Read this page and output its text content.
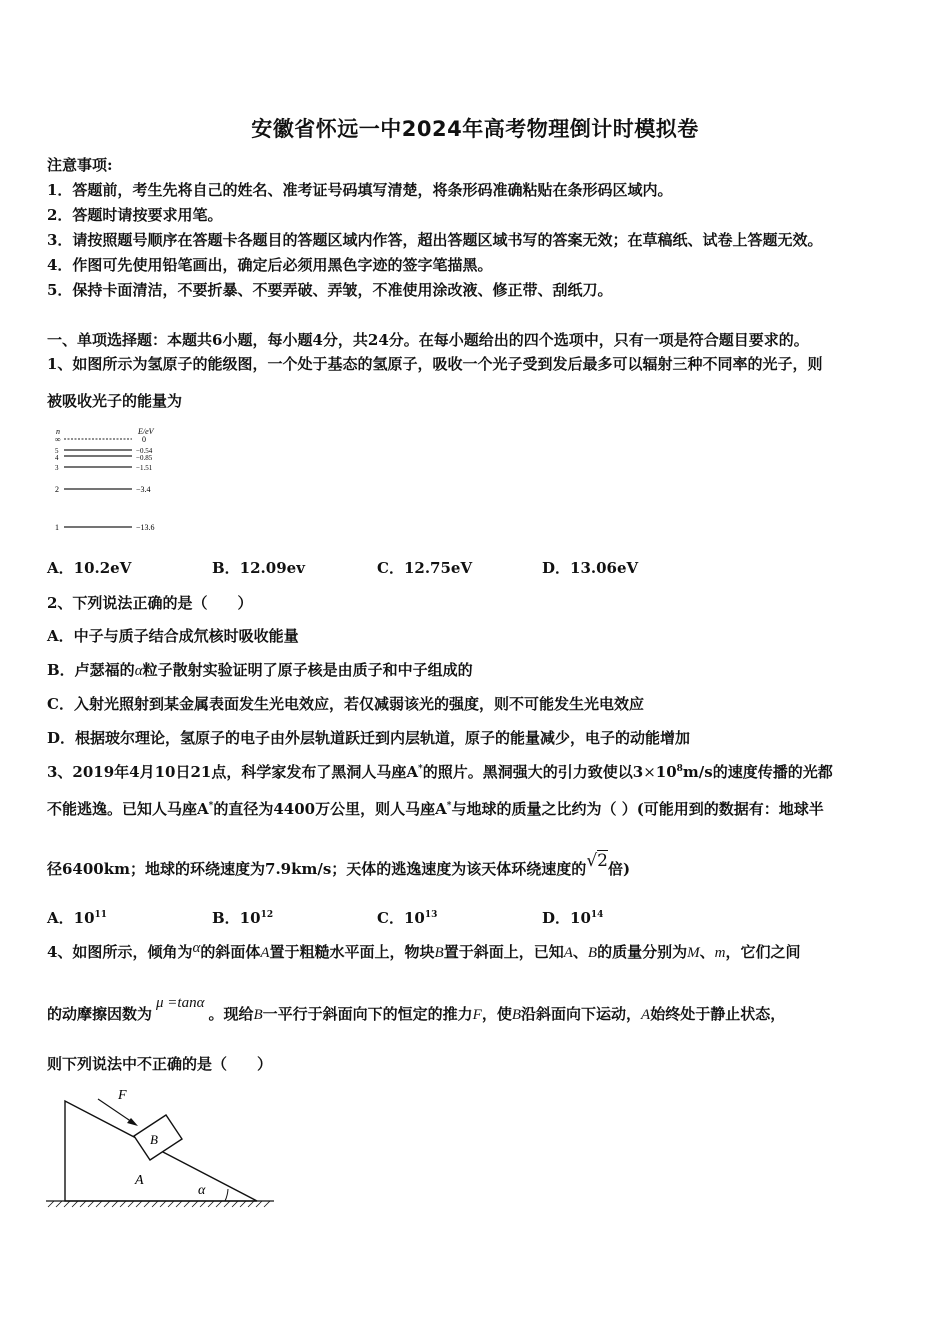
安徽省怀远一中2024年高考物理倒计时模拟卷
注意事项:
1．答题前，考生先将自己的姓名、准考证号码填写清楚，将条形码准确粘贴在条形码区域内。
2．答题时请按要求用笔。
3．请按照题号顺序在答题卡各题目的答题区域内作答，超出答题区域书写的答案无效；在草稿纸、试卷上答题无效。
4．作图可先使用铅笔画出，确定后必须用黑色字迹的签字笔描黑。
5．保持卡面清洁，不要折暴、不要弄破、弄皱，不准使用涂改液、修正带、刮纸刀。
一、单项选择题：本题共6小题，每小题4分，共24分。在每小题给出的四个选项中，只有一项是符合题目要求的。
1、如图所示为氢原子的能级图，一个处于基态的氢原子，吸收一个光子受到发后最多可以辐射三种不同率的光子，则
被吸收光子的能量为
n	E/eV
∞	0
5	−0.54
4	−0.85
3	−1.51
2	−3.4
1	−13.6
A．10.2eV	B．12.09ev	C．12.75eV	D．13.06eV
2、下列说法正确的是（　　）
A．中子与质子结合成氘核时吸收能量
B．卢瑟福的α粒子散射实验证明了原子核是由质子和中子组成的
C．入射光照射到某金属表面发生光电效应，若仅减弱该光的强度，则不可能发生光电效应
D．根据玻尔理论，氢原子的电子由外层轨道跃迁到内层轨道，原子的能量减少，电子的动能增加
3、2019年4月10日21点，科学家发布了黑洞人马座A*的照片。黑洞强大的引力致使以$3\times 10^8m/s$的速度传播的光都
不能逃逸。已知人马座A*的直径为4400万公里，则人马座A*与地球的质量之比约为（ ）(可能用到的数据有：地球半
径6400km；地球的环绕速度为7.9km/s；天体的逃逸速度为该天体环绕速度的√2倍)
A．$10^{11}$	B．$10^{12}$	C．$10^{13}$	D．$10^{14}$
4、如图所示，倾角为α的斜面体A置于粗糙水平面上，物块B置于斜面上，已知A、B的质量分别为M、m，它们之间
的动摩擦因数为μ =tanα。现给B一平行于斜面向下的恒定的推力F，使B沿斜面向下运动，A始终处于静止状态，
则下列说法中不正确的是（　　）
F
B
A
α
